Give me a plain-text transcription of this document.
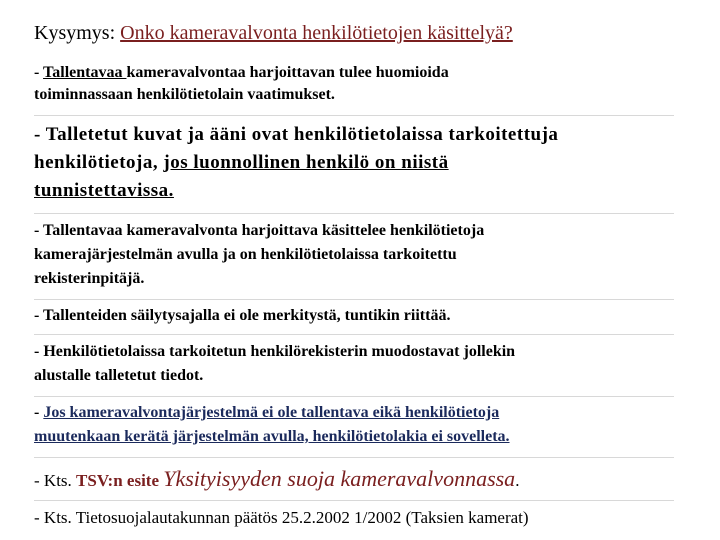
Kysymys: Onko kameravalvonta henkilötietojen käsittelyä?
- Tallentavaa kameravalvontaa harjoittavan tulee huomioida
toiminnassaan henkilötietolain vaatimukset.
- Talletetut kuvat ja ääni ovat henkilötietolaissa tarkoitettuja
henkilötietoja, jos luonnollinen henkilö on niistä
tunnistettavissa.
- Tallentavaa kameravalvonta harjoittava käsittelee henkilötietoja
kamerajärjestelmän avulla ja on henkilötietolaissa tarkoitettu
rekisterinpitäjä.
- Tallenteiden säilytysajalla ei ole merkitystä, tuntikin riittää.
- Henkilötietolaissa tarkoitetun henkilörekisterin muodostavat jollekin
alustalle talletetut tiedot.
- Jos kameravalvontajärjestelmä ei ole tallentava eikä henkilötietoja
muutenkaan kerätä järjestelmän avulla, henkilötietolakia ei sovelleta.
- Kts. TSV:n esite Yksityisyyden suoja kameravalvonnassa.
- Kts. Tietosuojalautakunnan päätös 25.2.2002 1/2002 (Taksien kamerat)
